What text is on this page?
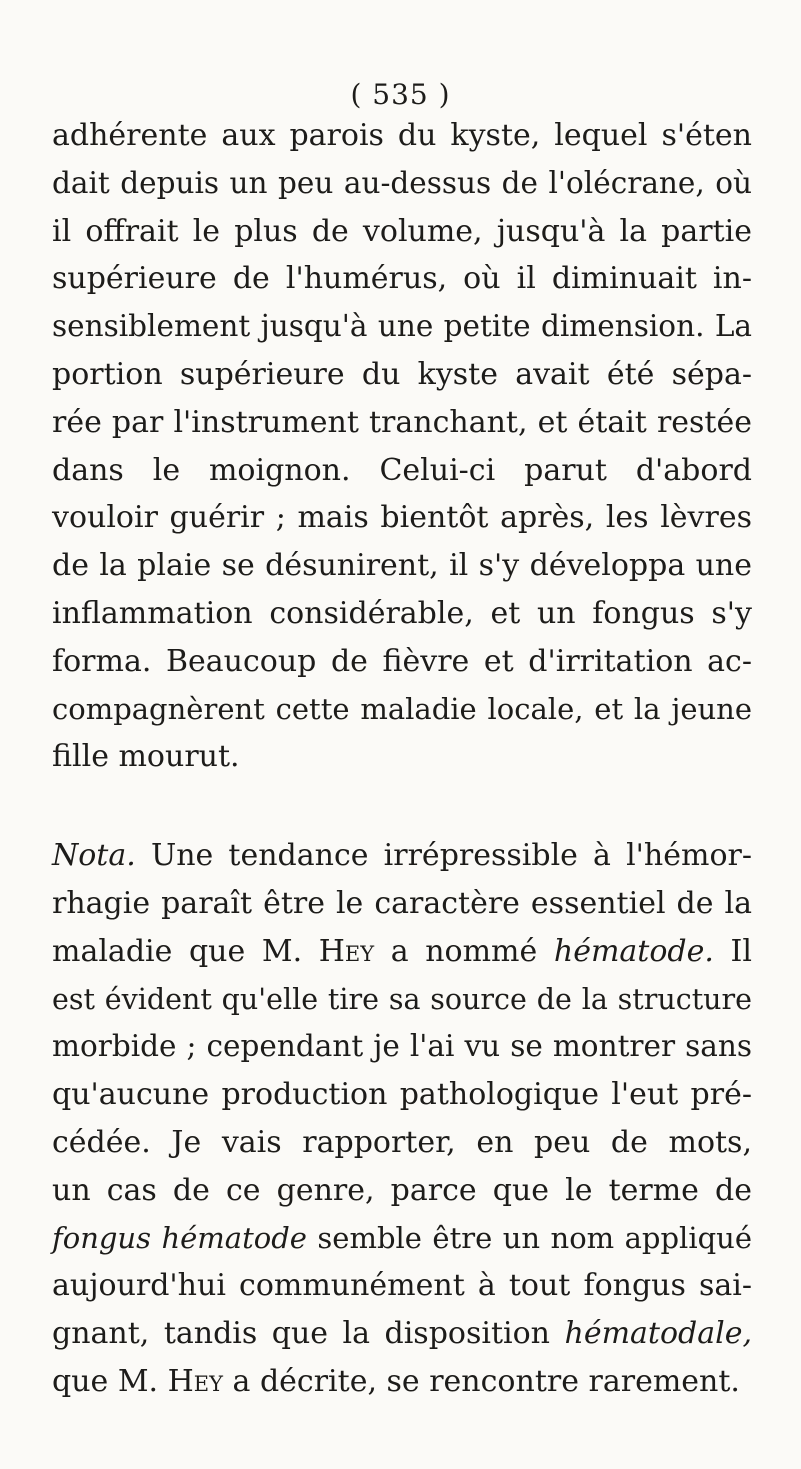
( 535 )
adhérente aux parois du kyste, lequel s'éten
dait depuis un peu au-dessus de l'olécrane, où
il offrait le plus de volume, jusqu'à la partie
supérieure de l'humérus, où il diminuait in-
sensiblement jusqu'à une petite dimension. La
portion supérieure du kyste avait été sépa-
rée par l'instrument tranchant, et était restée
dans le moignon. Celui-ci parut d'abord
vouloir guérir ; mais bientôt après, les lèvres
de la plaie se désunirent, il s'y développa une
inflammation considérable, et un fongus s'y
forma. Beaucoup de fièvre et d'irritation ac-
compagnèrent cette maladie locale, et la jeune
fille mourut.
Nota. Une tendance irrépressible à l'hémor-
rhagie paraît être le caractère essentiel de la
maladie que M. Hey a nommé hématode. Il
est évident qu'elle tire sa source de la structure
morbide ; cependant je l'ai vu se montrer sans
qu'aucune production pathologique l'eut pré-
cédée. Je vais rapporter, en peu de mots,
un cas de ce genre, parce que le terme de
fongus hématode semble être un nom appliqué
aujourd'hui communément à tout fongus sai-
gnant, tandis que la disposition hématodale,
que M. Hey a décrite, se rencontre rarement.
